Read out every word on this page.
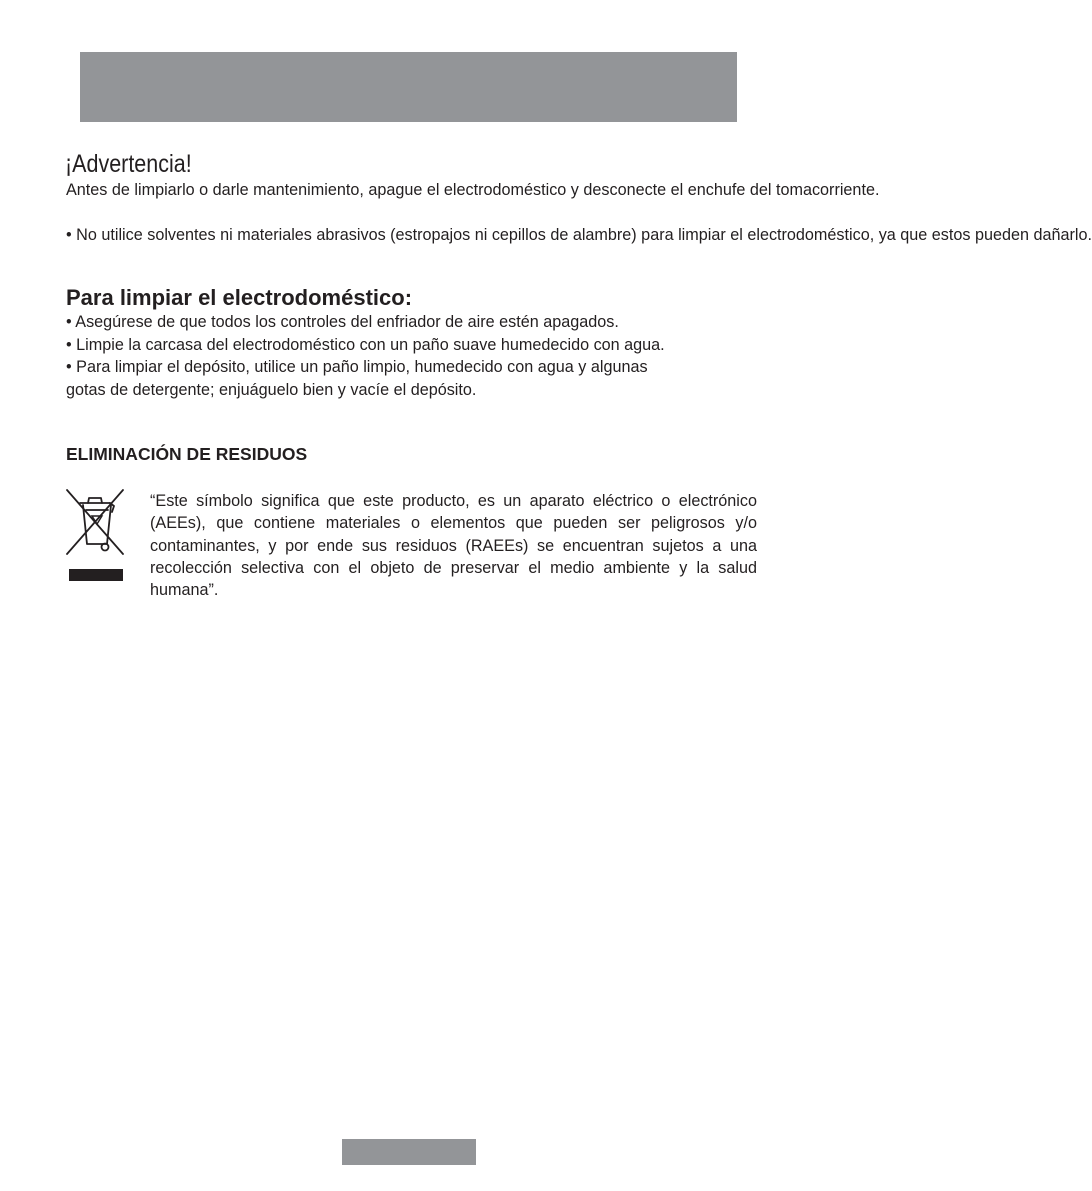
¡Advertencia!

Antes de limpiarlo o darle mantenimiento, apague el electrodoméstico y desconecte el enchufe del tomacorriente.

• No utilice solventes ni materiales abrasivos (estropajos ni cepillos de alambre) para limpiar el electrodoméstico, ya que estos pueden dañarlo.

Para limpiar el electrodoméstico:
• Asegúrese de que todos los controles del enfriador de aire estén apagados.
• Limpie la carcasa del electrodoméstico con un paño suave humedecido con agua.
• Para limpiar el depósito, utilice un paño limpio, humedecido con agua y algunas
gotas de detergente; enjuáguelo bien y vacíe el depósito.
ELIMINACIÓN DE RESIDUOS

“Este símbolo significa que este producto, es un aparato eléctrico o electrónico (AEEs), que contiene materiales o elementos que pueden ser peligrosos y/o contaminantes, y por ende sus residuos (RAEEs) se encuentran sujetos a una recolección selectiva con el objeto de preservar el medio ambiente y la salud humana”.
